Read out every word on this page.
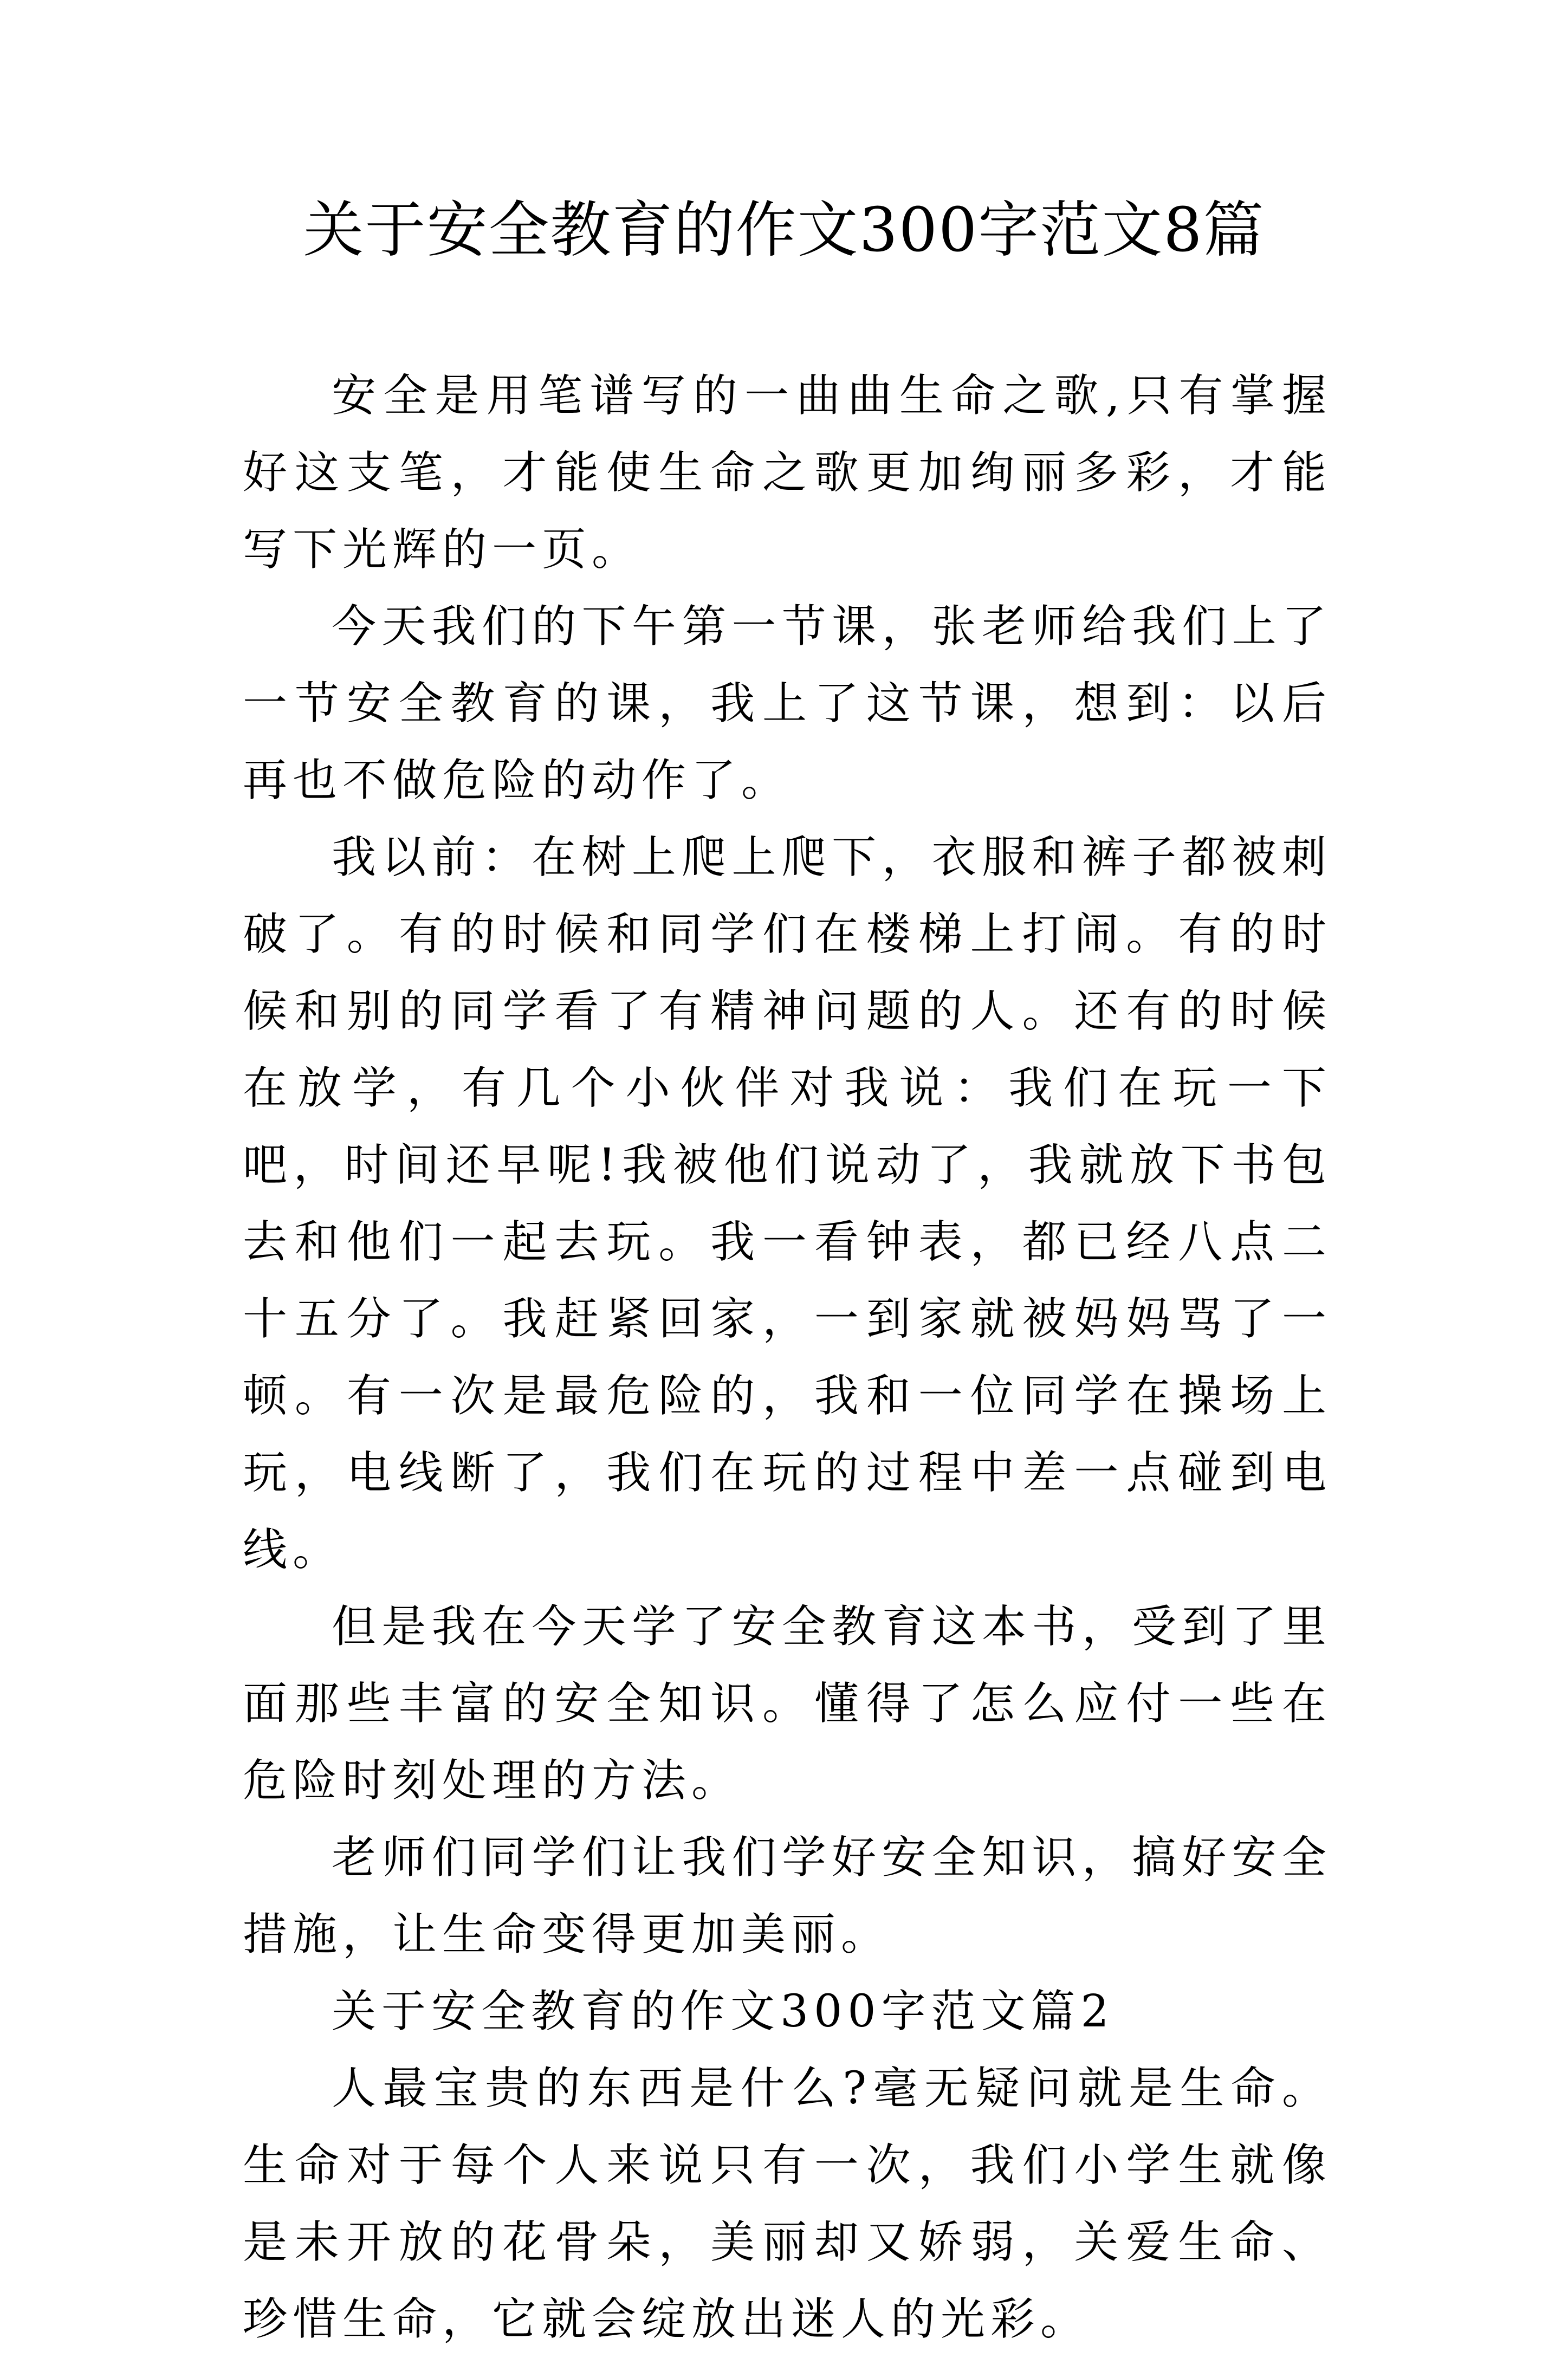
关于安全教育的作文300字范文8篇

安全是用笔谱写的一曲曲生命之歌,只有掌握好这支笔，才能使生命之歌更加绚丽多彩，才能写下光辉的一页。

今天我们的下午第一节课，张老师给我们上了一节安全教育的课，我上了这节课，想到：以后再也不做危险的动作了。

我以前：在树上爬上爬下，衣服和裤子都被刺破了。有的时候和同学们在楼梯上打闹。有的时候和别的同学看了有精神问题的人。还有的时候在放学，有几个小伙伴对我说：我们在玩一下吧，时间还早呢!我被他们说动了，我就放下书包去和他们一起去玩。我一看钟表，都已经八点二十五分了。我赶紧回家，一到家就被妈妈骂了一顿。有一次是最危险的，我和一位同学在操场上玩，电线断了，我们在玩的过程中差一点碰到电线。

但是我在今天学了安全教育这本书，受到了里面那些丰富的安全知识。懂得了怎么应付一些在危险时刻处理的方法。

老师们同学们让我们学好安全知识，搞好安全措施，让生命变得更加美丽。

关于安全教育的作文300字范文篇2

人最宝贵的东西是什么?毫无疑问就是生命。生命对于每个人来说只有一次，我们小学生就像是未开放的花骨朵，美丽却又娇弱，关爱生命、珍惜生命，它就会绽放出迷人的光彩。
